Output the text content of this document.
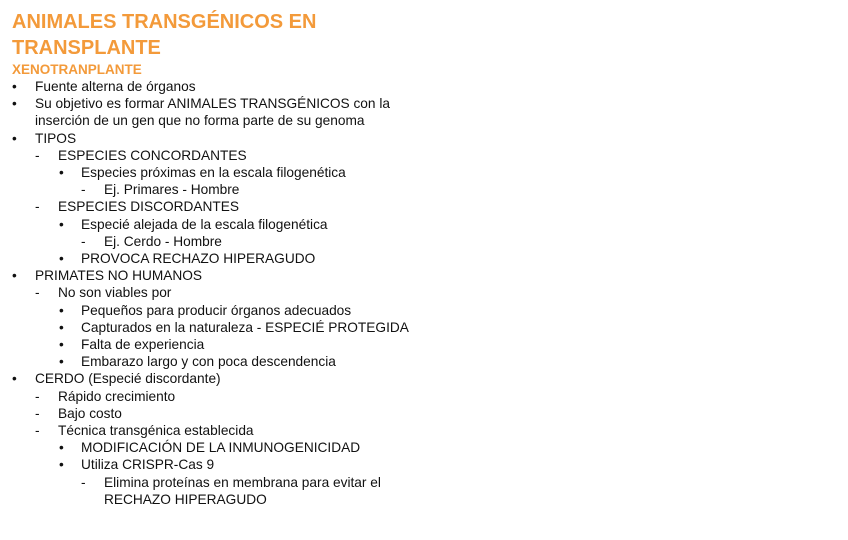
ANIMALES TRANSGÉNICOS EN TRANSPLANTE
XENOTRANPLANTE
• Fuente alterna de órganos
• Su objetivo es formar ANIMALES TRANSGÉNICOS con la inserción de un gen que no forma parte de su genoma
• TIPOS
- ESPECIES CONCORDANTES
• Especies próximas en la escala filogenética
- Ej. Primares - Hombre
- ESPECIES DISCORDANTES
• Especié alejada de la escala filogenética
- Ej. Cerdo - Hombre
• PROVOCA RECHAZO HIPERAGUDO
• PRIMATES NO HUMANOS
- No son viables por
• Pequeños para producir órganos adecuados
• Capturados en la naturaleza - ESPECIÉ PROTEGIDA
• Falta de experiencia
• Embarazo largo y con poca descendencia
• CERDO (Especié discordante)
- Rápido crecimiento
- Bajo costo
- Técnica transgénica establecida
• MODIFICACIÓN DE LA INMUNOGENICIDAD
• Utiliza CRISPR-Cas 9
- Elimina proteínas en membrana para evitar el RECHAZO HIPERAGUDO
